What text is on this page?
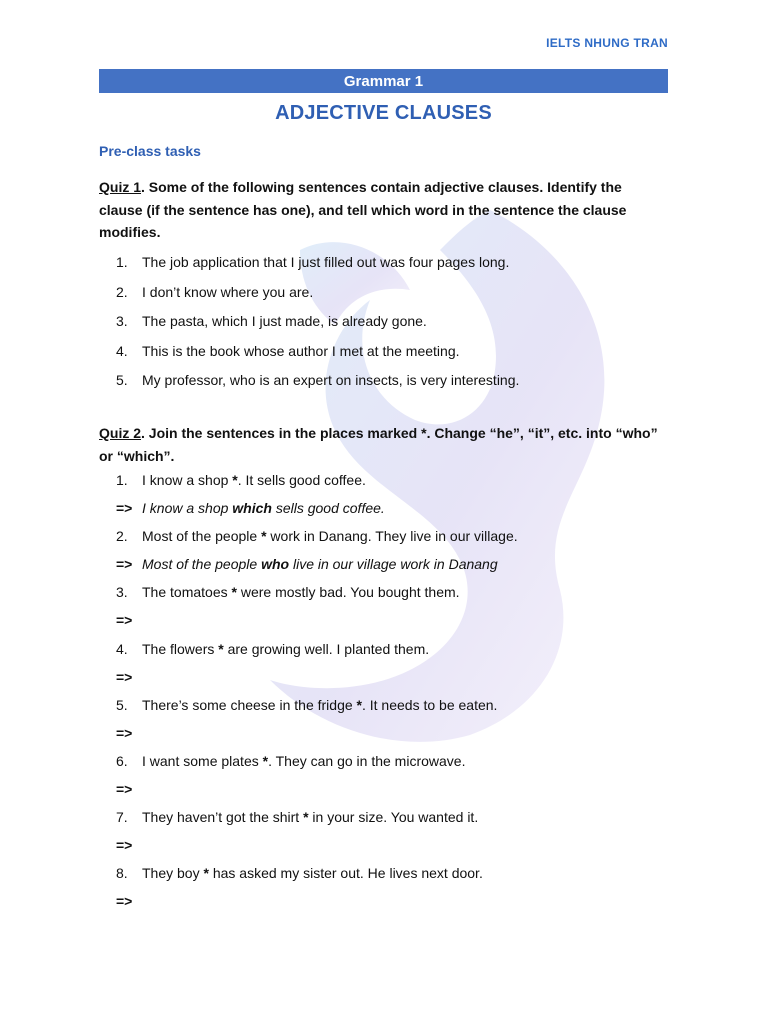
IELTS NHUNG TRAN
Grammar 1
ADJECTIVE CLAUSES
Pre-class tasks
Quiz 1. Some of the following sentences contain adjective clauses. Identify the clause (if the sentence has one), and tell which word in the sentence the clause modifies.
1. The job application that I just filled out was four pages long.
2. I don’t know where you are.
3. The pasta, which I just made, is already gone.
4. This is the book whose author I met at the meeting.
5. My professor, who is an expert on insects, is very interesting.
Quiz 2. Join the sentences in the places marked *. Change “he”, “it”, etc. into “who” or “which”.
1. I know a shop *. It sells good coffee.
=> I know a shop which sells good coffee.
2. Most of the people * work in Danang. They live in our village.
=> Most of the people who live in our village work in Danang
3. The tomatoes * were mostly bad. You bought them.
=>
4. The flowers * are growing well. I planted them.
=>
5. There’s some cheese in the fridge *. It needs to be eaten.
=>
6. I want some plates *. They can go in the microwave.
=>
7. They haven’t got the shirt * in your size. You wanted it.
=>
8. They boy * has asked my sister out. He lives next door.
=>
